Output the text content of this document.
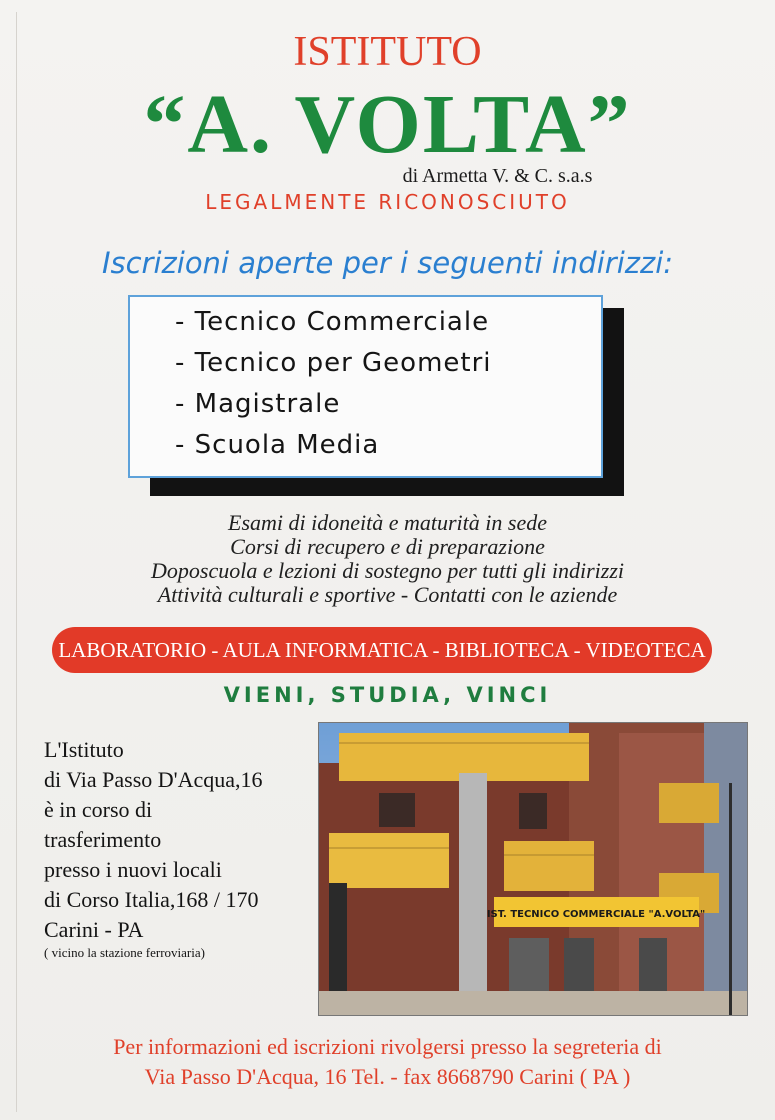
ISTITUTO
“A. VOLTA”
di Armetta V. & C. s.a.s
LEGALMENTE RICONOSCIUTO
Iscrizioni aperte per i seguenti indirizzi:
- Tecnico Commerciale
- Tecnico per Geometri
- Magistrale
- Scuola Media
Esami di idoneità e maturità in sede
Corsi di recupero e di preparazione
Doposcuola e lezioni di sostegno per tutti gli indirizzi
Attività culturali e sportive - Contatti con le aziende
LABORATORIO - AULA INFORMATICA - BIBLIOTECA - VIDEOTECA
VIENI, STUDIA, VINCI
L'Istituto
di Via Passo D'Acqua,16
è in corso di
trasferimento
presso i nuovi locali
di Corso Italia,168 / 170
Carini - PA
( vicino la stazione ferroviaria)
IST. TECNICO COMMERCIALE "A.VOLTA"
Per informazioni ed iscrizioni rivolgersi presso la segreteria di
Via Passo D'Acqua, 16 Tel. - fax 8668790 Carini ( PA )
